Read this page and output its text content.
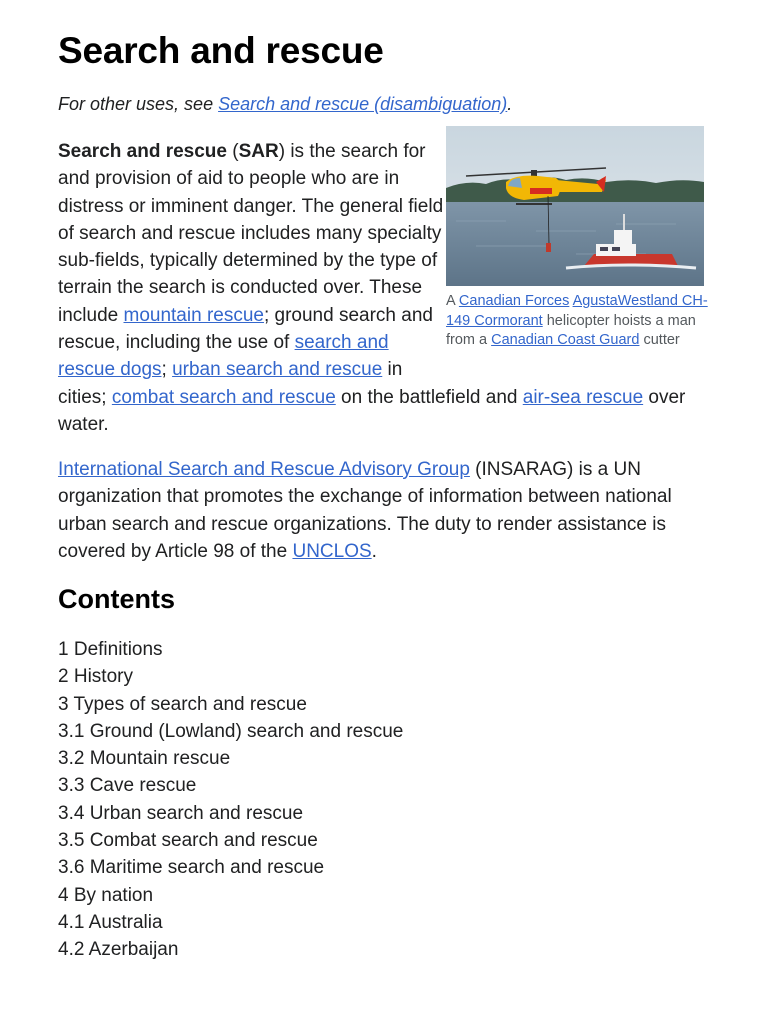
Search and rescue

For other uses, see Search and rescue (disambiguation).

A Canadian Forces AgustaWestland CH-149 Cormorant helicopter hoists a man from a Canadian Coast Guard cutter
Search and rescue (SAR) is the search for and provision of aid to people who are in distress or imminent danger. The general field of search and rescue includes many specialty sub-fields, typically determined by the type of terrain the search is conducted over. These include mountain rescue; ground search and rescue, including the use of search and rescue dogs; urban search and rescue in cities; combat search and rescue on the battlefield and air-sea rescue over water.

International Search and Rescue Advisory Group (INSARAG) is a UN organization that promotes the exchange of information between national urban search and rescue organizations. The duty to render assistance is covered by Article 98 of the UNCLOS.

Contents
1 Definitions
2 History
3 Types of search and rescue
3.1 Ground (Lowland) search and rescue
3.2 Mountain rescue
3.3 Cave rescue
3.4 Urban search and rescue
3.5 Combat search and rescue
3.6 Maritime search and rescue
4 By nation
4.1 Australia
4.2 Azerbaijan
